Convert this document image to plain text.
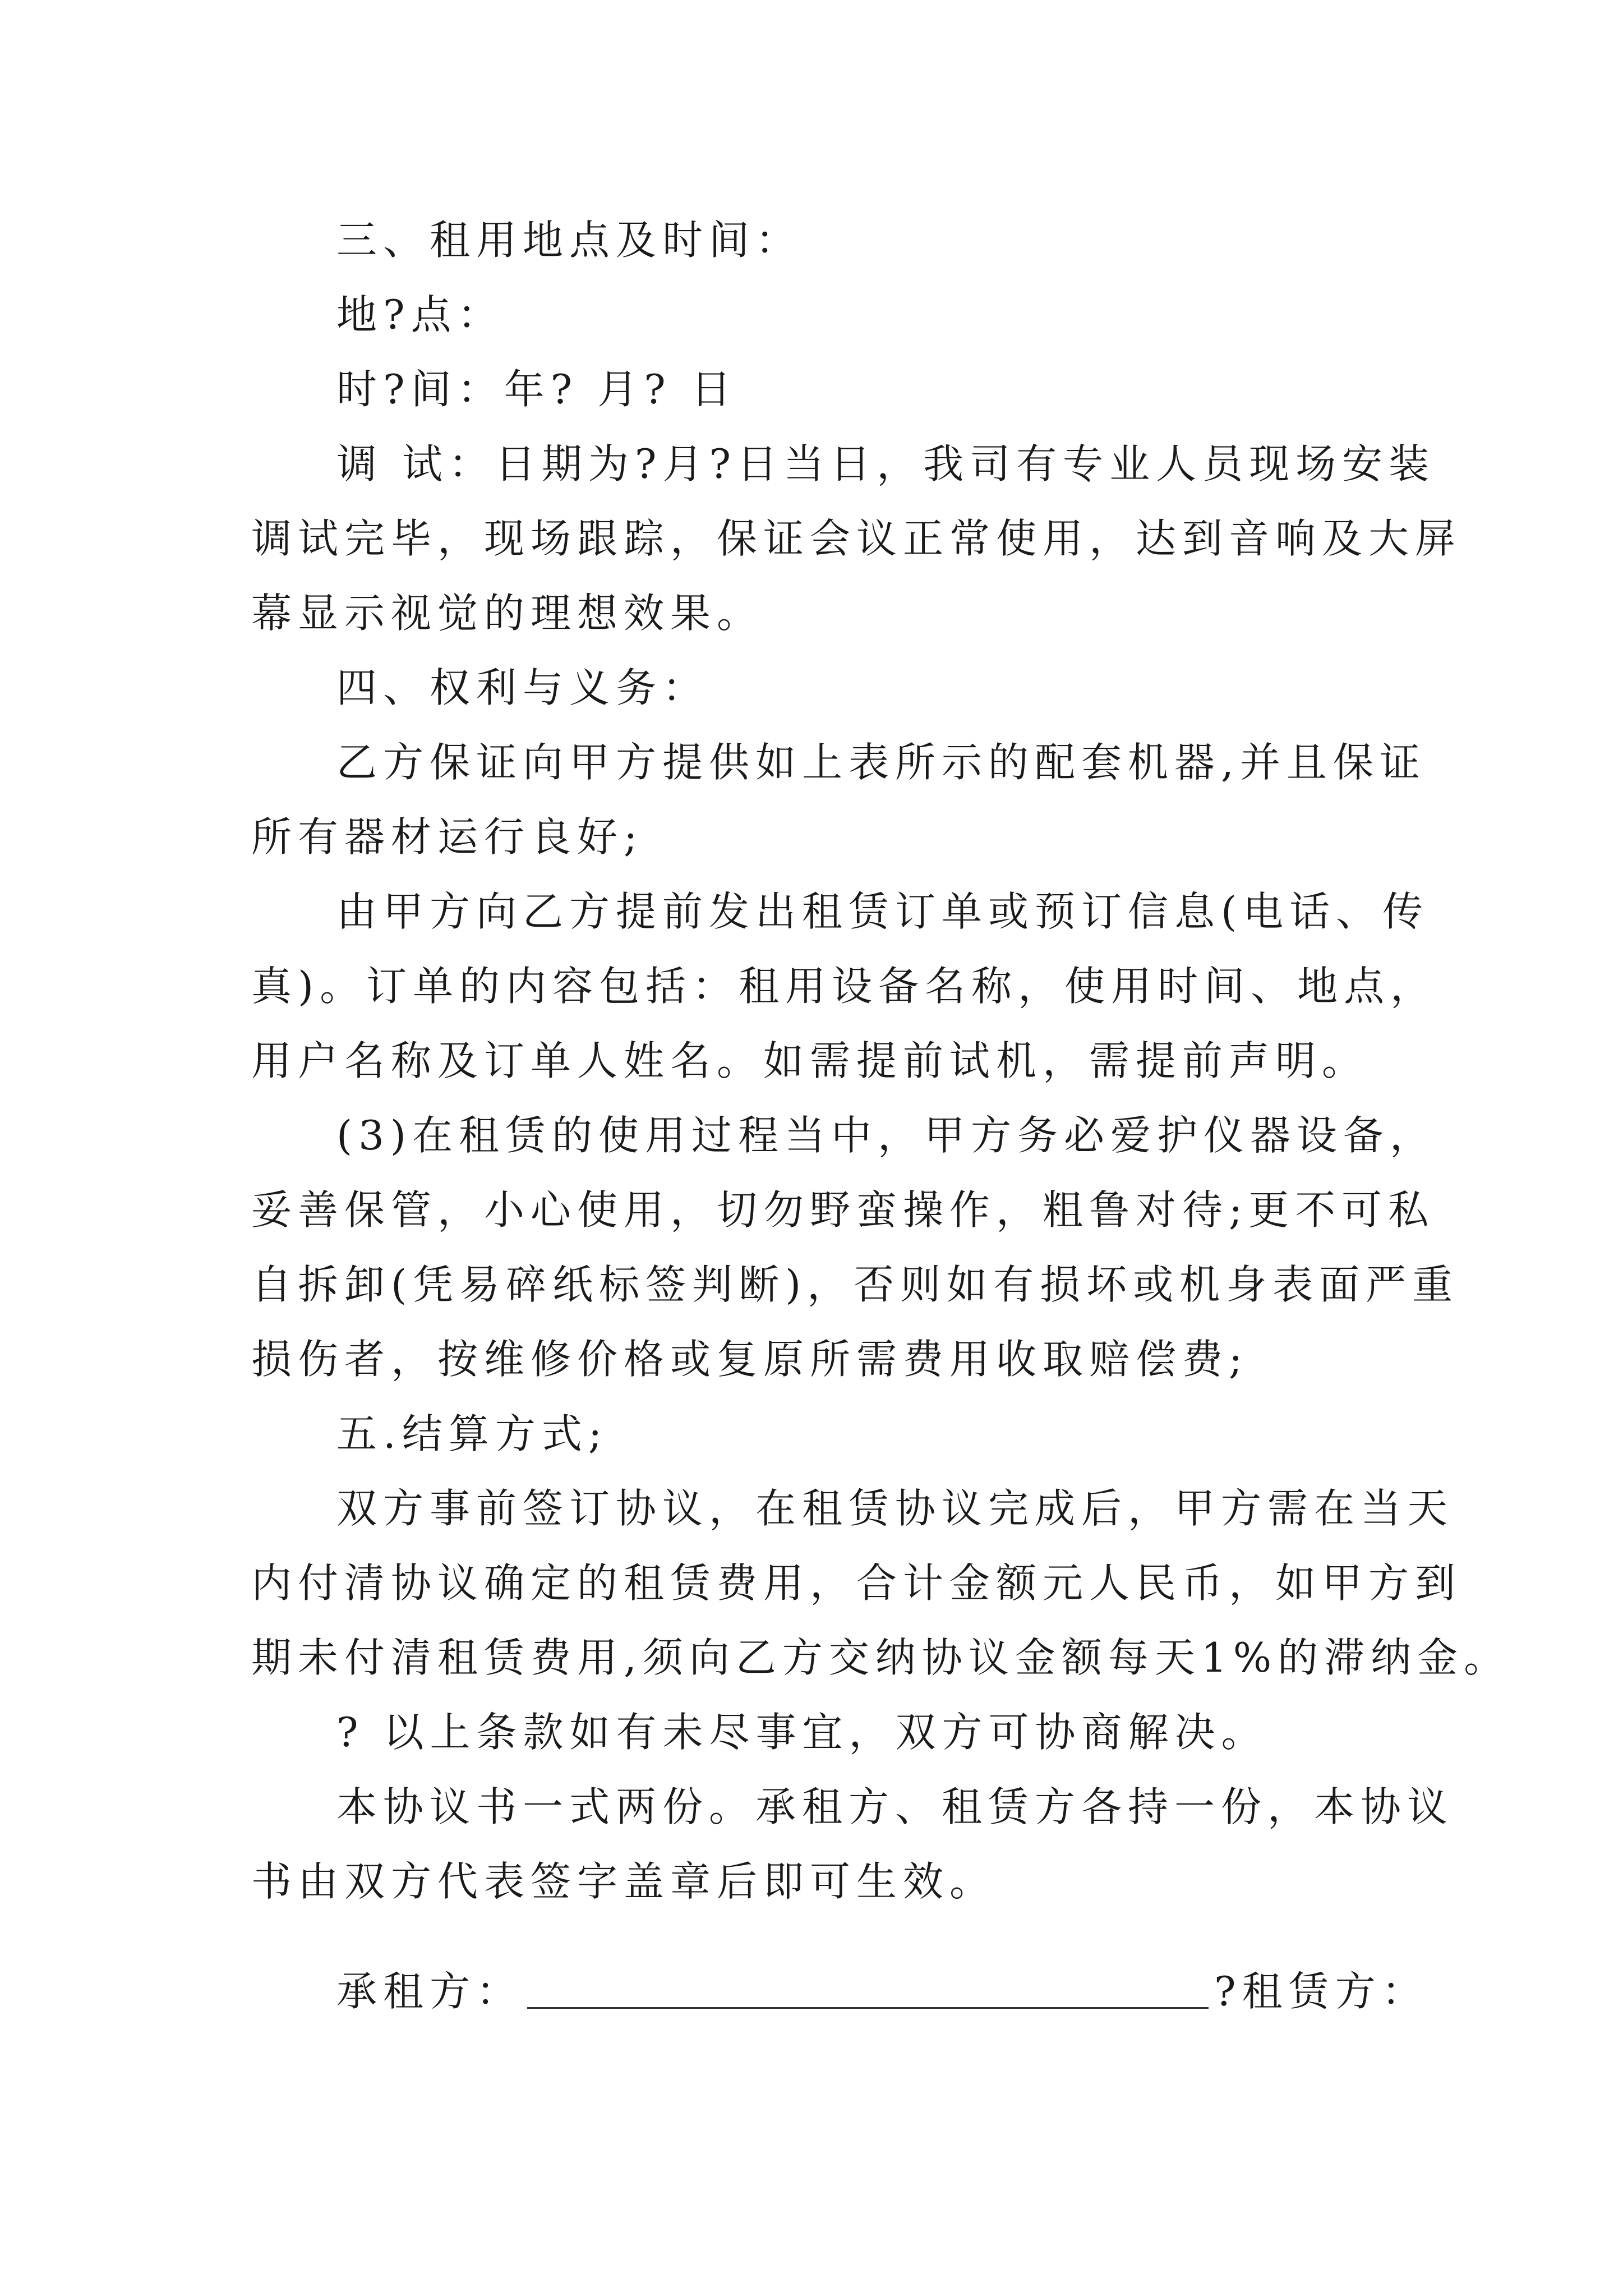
三、租用地点及时间：
地?点：
时?间：年? 月? 日
调 试：日期为?月?日当日，我司有专业人员现场安装
调试完毕，现场跟踪，保证会议正常使用，达到音响及大屏
幕显示视觉的理想效果。
四、权利与义务：
乙方保证向甲方提供如上表所示的配套机器,并且保证
所有器材运行良好;
由甲方向乙方提前发出租赁订单或预订信息(电话、传
真)。订单的内容包括：租用设备名称，使用时间、地点，
用户名称及订单人姓名。如需提前试机，需提前声明。
(3)在租赁的使用过程当中，甲方务必爱护仪器设备，
妥善保管，小心使用，切勿野蛮操作，粗鲁对待;更不可私
自拆卸(凭易碎纸标签判断)，否则如有损坏或机身表面严重
损伤者，按维修价格或复原所需费用收取赔偿费;
五.结算方式;
双方事前签订协议，在租赁协议完成后，甲方需在当天
内付清协议确定的租赁费用，合计金额元人民币，如甲方到
期未付清租赁费用,须向乙方交纳协议金额每天1%的滞纳金。
? 以上条款如有未尽事宜，双方可协商解决。
本协议书一式两份。承租方、租赁方各持一份，本协议
书由双方代表签字盖章后即可生效。
承租方：	?租赁方：
